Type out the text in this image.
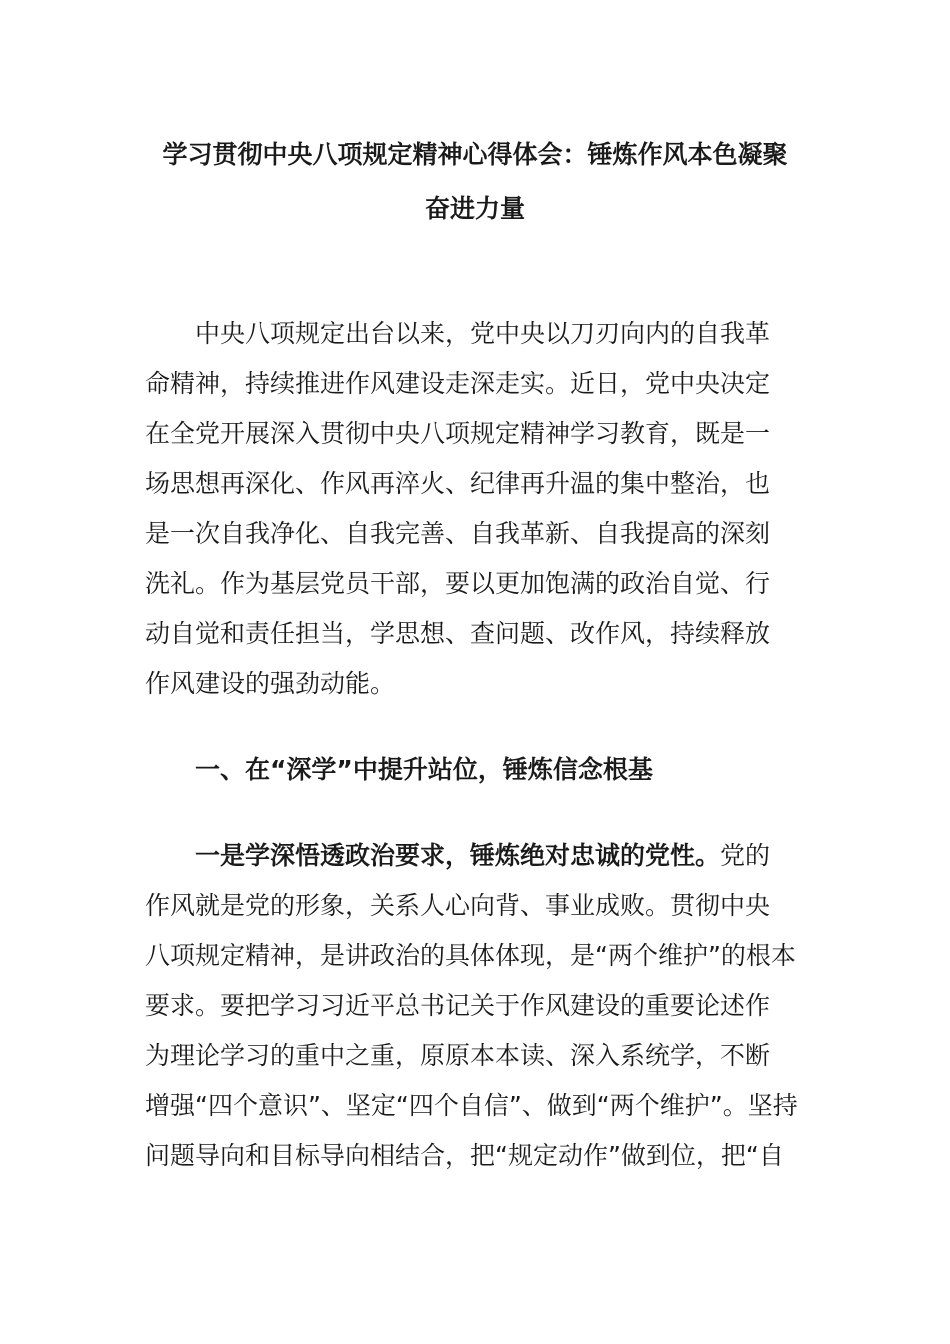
学习贯彻中央八项规定精神心得体会：锤炼作风本色凝聚
奋进力量
中央八项规定出台以来，党中央以刀刃向内的自我革
命精神，持续推进作风建设走深走实。近日，党中央决定
在全党开展深入贯彻中央八项规定精神学习教育，既是一
场思想再深化、作风再淬火、纪律再升温的集中整治，也
是一次自我净化、自我完善、自我革新、自我提高的深刻
洗礼。作为基层党员干部，要以更加饱满的政治自觉、行
动自觉和责任担当，学思想、查问题、改作风，持续释放
作风建设的强劲动能。
一、在“深学”中提升站位，锤炼信念根基
一是学深悟透政治要求，锤炼绝对忠诚的党性。党的
作风就是党的形象，关系人心向背、事业成败。贯彻中央
八项规定精神，是讲政治的具体体现，是“两个维护”的根本
要求。要把学习习近平总书记关于作风建设的重要论述作
为理论学习的重中之重，原原本本读、深入系统学，不断
增强“四个意识”、坚定“四个自信”、做到“两个维护”。坚持
问题导向和目标导向相结合，把“规定动作”做到位，把“自
